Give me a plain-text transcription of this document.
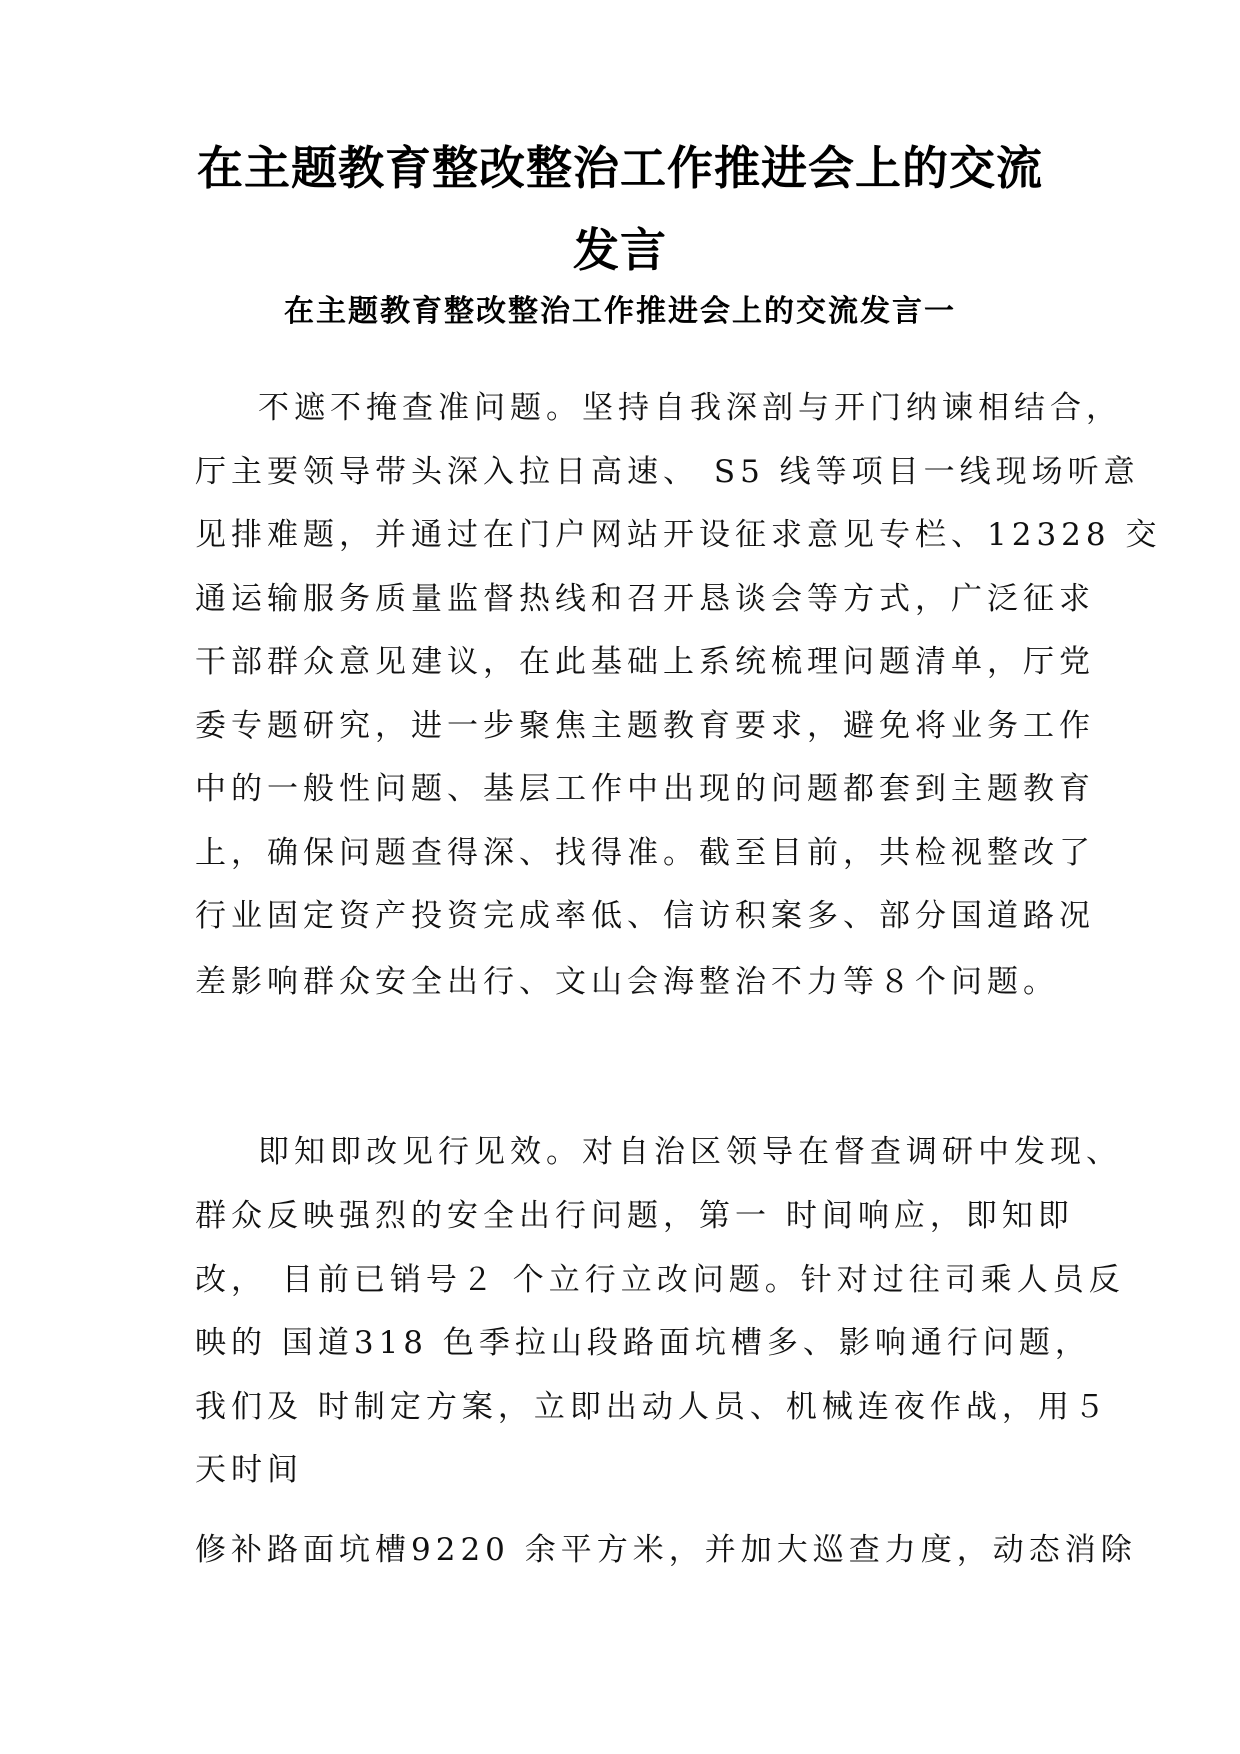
在主题教育整改整治工作推进会上的交流
发言
在主题教育整改整治工作推进会上的交流发言一
不遮不掩查准问题。坚持自我深剖与开门纳谏相结合，
厅主要领导带头深入拉日高速、 S5 线等项目一线现场听意
见排难题，并通过在门户网站开设征求意见专栏、12328 交
通运输服务质量监督热线和召开恳谈会等方式，广泛征求
干部群众意见建议，在此基础上系统梳理问题清单，厅党
委专题研究，进一步聚焦主题教育要求，避免将业务工作
中的一般性问题、基层工作中出现的问题都套到主题教育
上，确保问题查得深、找得准。截至目前，共检视整改了
行业固定资产投资完成率低、信访积案多、部分国道路况
差影响群众安全出行、文山会海整治不力等８个问题。
即知即改见行见效。对自治区领导在督查调研中发现、
群众反映强烈的安全出行问题，第一 时间响应，即知即
改， 目前已销号２ 个立行立改问题。针对过往司乘人员反
映的 国道318 色季拉山段路面坑槽多、影响通行问题，
我们及 时制定方案，立即出动人员、机械连夜作战，用５
天时间
修补路面坑槽9220 余平方米，并加大巡查力度，动态消除
